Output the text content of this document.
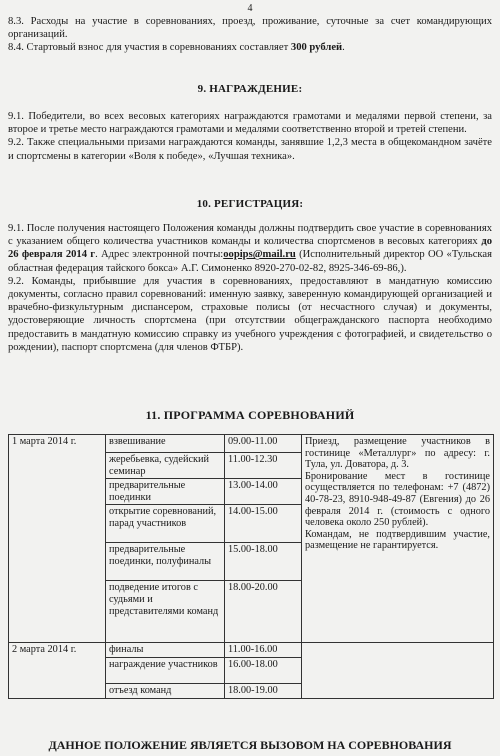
4

8.3. Расходы на участие в соревнованиях, проезд, проживание, суточные за счет командирующих организаций.

8.4. Стартовый взнос для участия в соревнованиях составляет 300 рублей.

9. НАГРАЖДЕНИЕ:

9.1. Победители, во всех весовых категориях награждаются грамотами и медалями первой степени, за второе и третье место награждаются грамотами и медалями соответственно второй и третей степени.

9.2. Также специальными призами награждаются команды, занявшие 1,2,3 места в общекомандном зачёте и спортсмены в категории «Воля к победе», «Лучшая техника».

10. РЕГИСТРАЦИЯ:

9.1. После получения настоящего Положения команды должны подтвердить свое участие в соревнованиях с указанием общего количества участников команды и количества спортсменов в весовых категориях до 26 февраля 2014 г. Адрес электронной почты:oopips@mail.ru (Исполнительный директор ОО «Тульская областная федерация тайского бокса» А.Г. Симоненко 8920-270-02-82, 8925-346-69-86,).

9.2. Команды, прибывшие для участия в соревнованиях, предоставляют в мандатную комиссию документы, согласно правил соревнований: именную заявку, заверенную командирующей организацией и врачебно-физкультурным диспансером, страховые полисы (от несчастного случая) и документы, удостоверяющие личность спортсмена (при отсутствии общегражданского паспорта необходимо предоставить в мандатную комиссию справку из учебного учреждения с фотографией, и свидетельство о рождении), паспорт спортсмена (для членов ФТБР).

11. ПРОГРАММА СОРЕВНОВАНИЙ
1 марта 2014 г.	взвешивание	09.00-11.00	Приезд, размещение участников в гостинице «Металлург» по адресу: г. Тула, ул. Доватора, д. 3.
Бронирование мест в гостинице осуществляется по телефонам: +7 (4872) 40-78-23, 8910-948-49-87 (Евгения) до 26 февраля 2014 г. (стоимость с одного человека около 250 рублей).
Командам, не подтвердившим участие, размещение не гарантируется.

	жеребьевка, судейский семинар	11.00-12.30	
	предварительные поединки	13.00-14.00	
	открытие соревнований, парад участников	14.00-15.00	
	предварительные поединки, полуфиналы	15.00-18.00	
	подведение итогов с судьями и представителями команд	18.00-20.00	
2 марта 2014 г.	финалы	11.00-16.00	
	награждение участников	16.00-18.00	
	отъезд команд	18.00-19.00	
ДАННОЕ ПОЛОЖЕНИЕ ЯВЛЯЕТСЯ ВЫЗОВОМ НА СОРЕВНОВАНИЯ
